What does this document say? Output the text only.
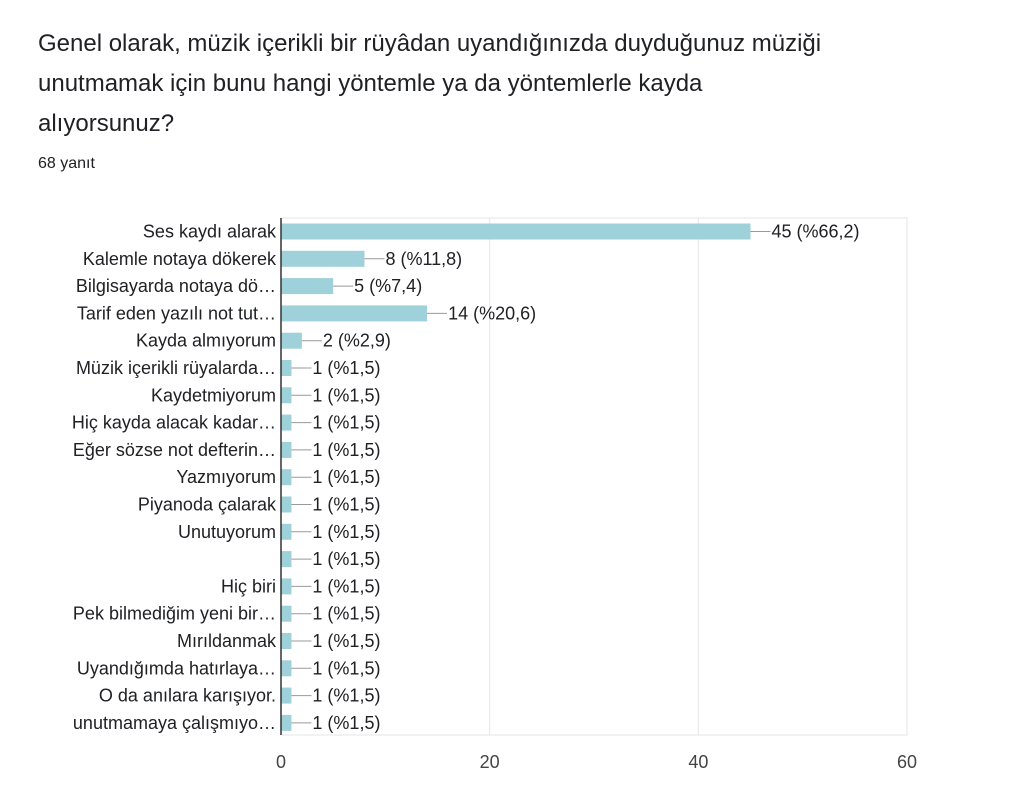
Genel olarak, müzik içerikli bir rüyâdan uyandığınızda duyduğunuz müziği unutmamak için bunu hangi yöntemle ya da yöntemlerle kayda alıyorsunuz?
68 yanıt
0	20	40	60
Ses kaydı alarak	45 (%66,2)
Kalemle notaya dökerek	8 (%11,8)
Bilgisayarda notaya dö…	5 (%7,4)
Tarif eden yazılı not tut…	14 (%20,6)
Kayda almıyorum	2 (%2,9)
Müzik içerikli rüyalarda… 1 (%1,5)
Kaydetmiyorum 1 (%1,5)
Hiç kayda alacak kadar… 1 (%1,5)
Eğer sözse not defterin… 1 (%1,5)
Yazmıyorum 1 (%1,5)
Piyanoda çalarak 1 (%1,5)
Unutuyorum 1 (%1,5)
1 (%1,5)
Hiç biri 1 (%1,5)
Pek bilmediğim yeni bir… 1 (%1,5)
Mırıldanmak 1 (%1,5)
Uyandığımda hatırlaya… 1 (%1,5)
O da anılara karışıyor. 1 (%1,5)
unutmamaya çalışmıyo… 1 (%1,5)
